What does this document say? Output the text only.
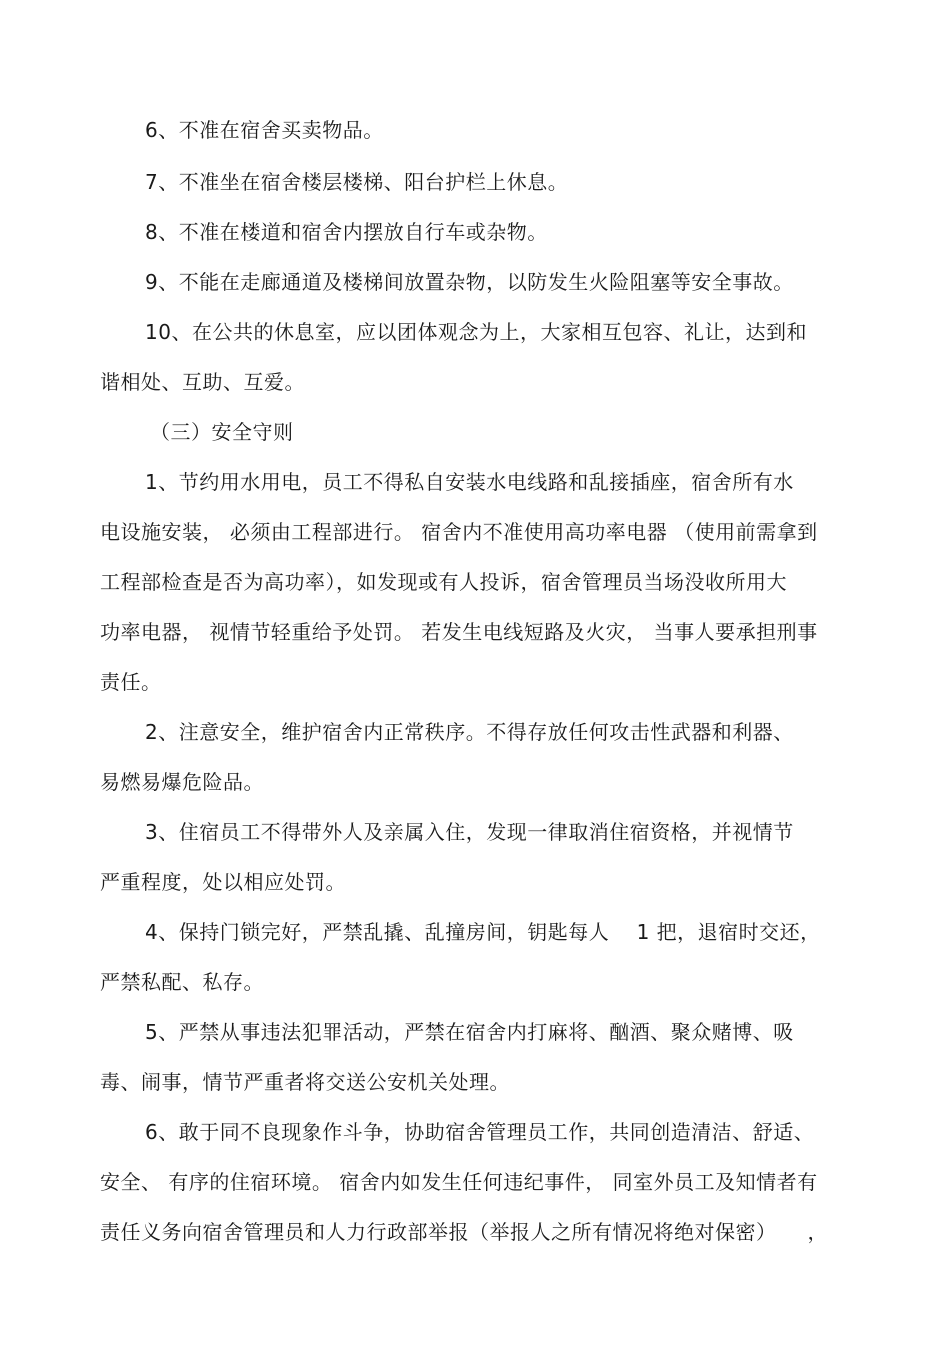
6、不准在宿舍买卖物品。
7、不准坐在宿舍楼层楼梯、阳台护栏上休息。
8、不准在楼道和宿舍内摆放自行车或杂物。
9、不能在走廊通道及楼梯间放置杂物，以防发生火险阻塞等安全事故。
10、在公共的休息室，应以团体观念为上，大家相互包容、礼让，达到和
谐相处、互助、互爱。
（三）安全守则
1、节约用水用电，员工不得私自安装水电线路和乱接插座，宿舍所有水
电设施安装， 必须由工程部进行。 宿舍内不准使用高功率电器 （使用前需拿到
工程部检查是否为高功率），如发现或有人投诉，宿舍管理员当场没收所用大
功率电器， 视情节轻重给予处罚。 若发生电线短路及火灾， 当事人要承担刑事
责任。
2、注意安全，维护宿舍内正常秩序。不得存放任何攻击性武器和利器、
易燃易爆危险品。
3、住宿员工不得带外人及亲属入住，发现一律取消住宿资格，并视情节
严重程度，处以相应处罚。
4、保持门锁完好，严禁乱撬、乱撞房间，钥匙每人　 1 把，退宿时交还，
严禁私配、私存。
5、严禁从事违法犯罪活动，严禁在宿舍内打麻将、酗酒、聚众赌博、吸
毒、闹事，情节严重者将交送公安机关处理。
6、敢于同不良现象作斗争，协助宿舍管理员工作，共同创造清洁、舒适、
安全、 有序的住宿环境。 宿舍内如发生任何违纪事件， 同室外员工及知情者有
责任义务向宿舍管理员和人力行政部举报（举报人之所有情况将绝对保密）　　，
